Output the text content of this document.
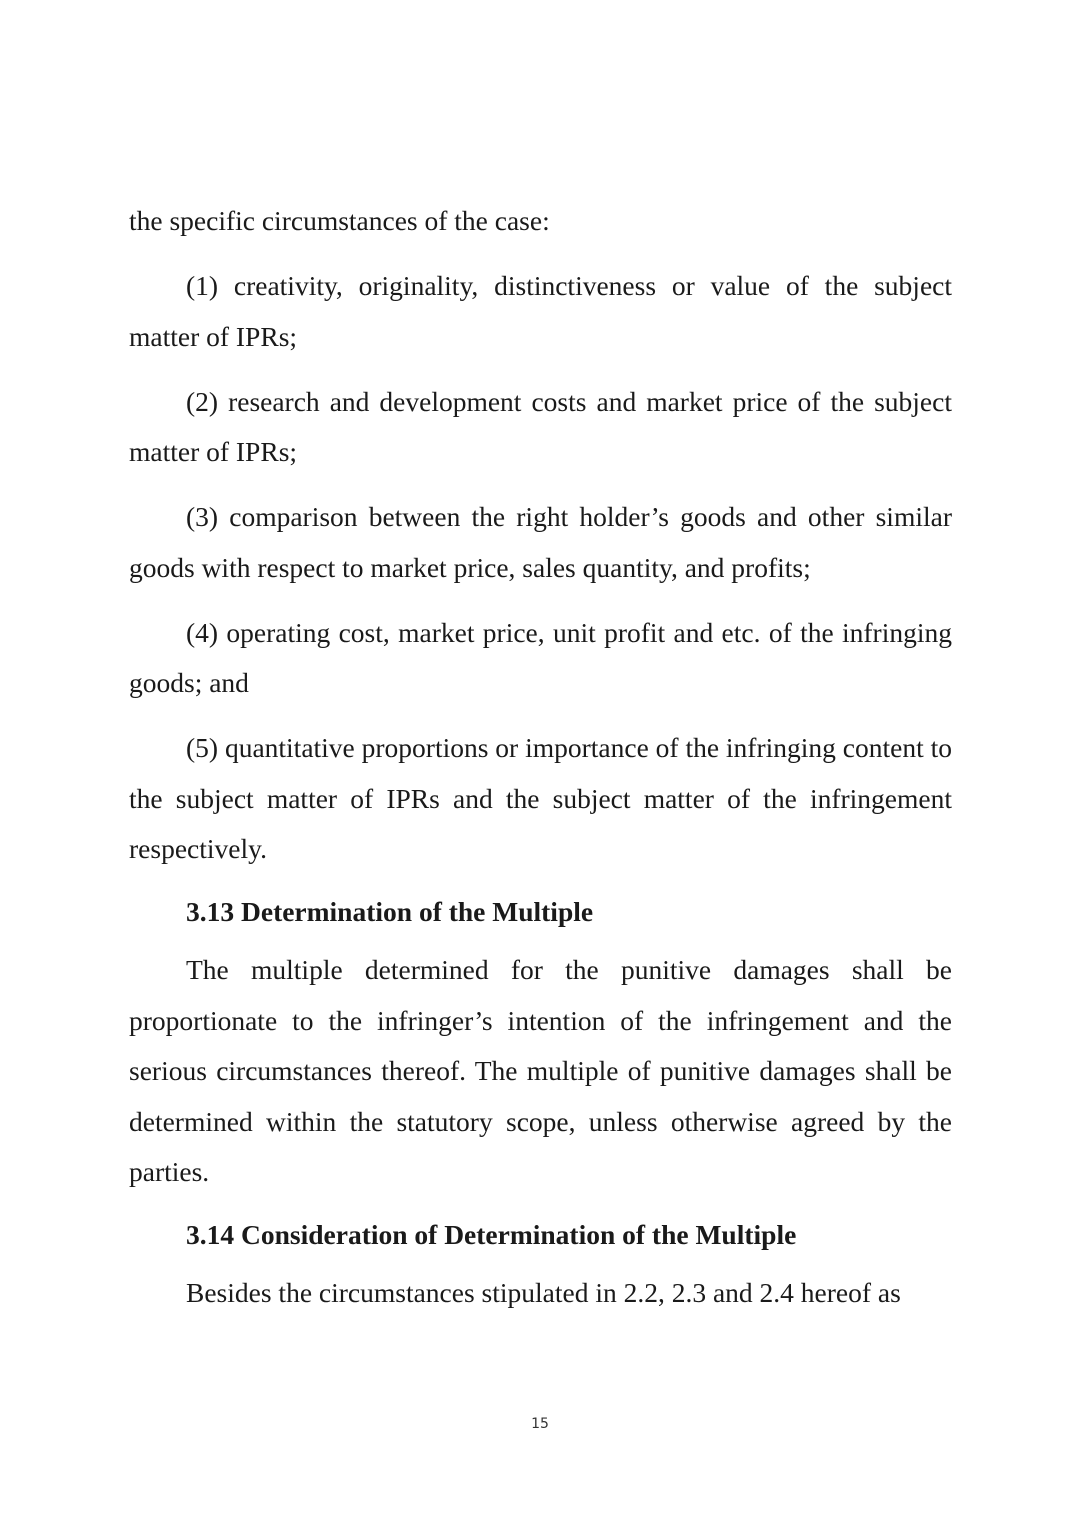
the specific circumstances of the case:

(1) creativity, originality, distinctiveness or value of the subject matter of IPRs;

(2) research and development costs and market price of the subject matter of IPRs;

(3) comparison between the right holder’s goods and other similar goods with respect to market price, sales quantity, and profits;

(4) operating cost, market price, unit profit and etc. of the infringing goods; and

(5) quantitative proportions or importance of the infringing content to the subject matter of IPRs and the subject matter of the infringement respectively.

3.13 Determination of the Multiple

The multiple determined for the punitive damages shall be proportionate to the infringer’s intention of the infringement and the serious circumstances thereof. The multiple of punitive damages shall be determined within the statutory scope, unless otherwise agreed by the parties.

3.14 Consideration of Determination of the Multiple

Besides the circumstances stipulated in 2.2, 2.3 and 2.4 hereof as

15
